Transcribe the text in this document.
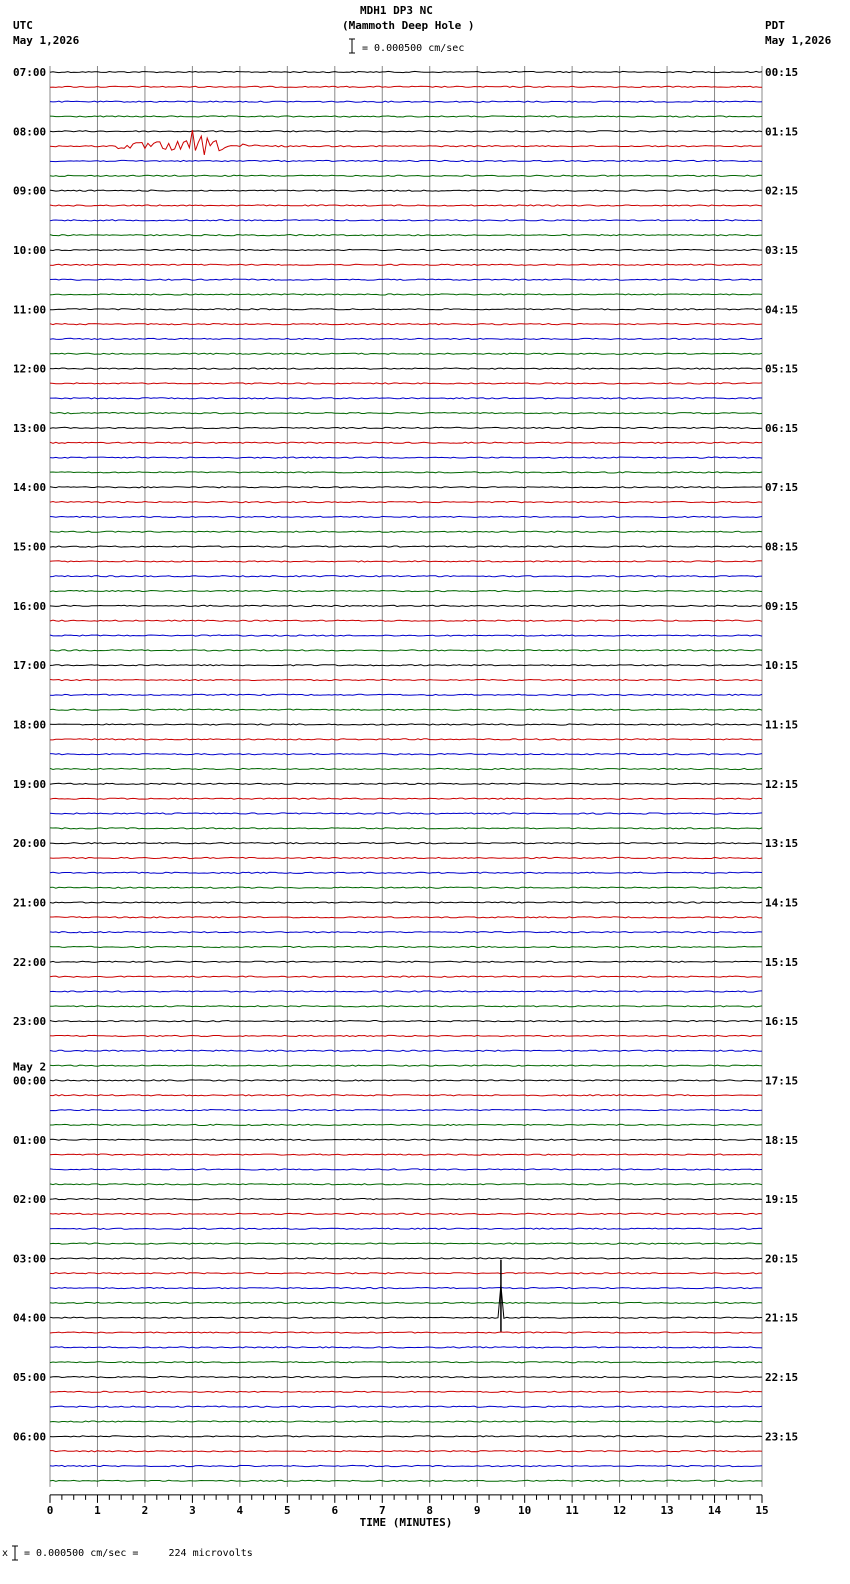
MDH1 DP3 NC
(Mammoth Deep Hole )
UTC
May 1,2026
PDT
May 1,2026
= 0.000500 cm/sec
x = 0.000500 cm/sec =     224 microvolts
07:00	00:15
08:00	01:15
09:00	02:15
10:00	03:15
11:00	04:15
12:00	05:15
13:00	06:15
14:00	07:15
15:00	08:15
16:00	09:15
17:00	10:15
18:00	11:15
19:00	12:15
20:00	13:15
21:00	14:15
22:00	15:15
23:00	16:15
00:00	17:15
May 2
01:00	18:15
02:00	19:15
03:00	20:15
04:00	21:15
05:00	22:15
06:00	23:15
0	1	2	3	4	5	6	7	8	9	10	11	12	13	14	15
TIME (MINUTES)
